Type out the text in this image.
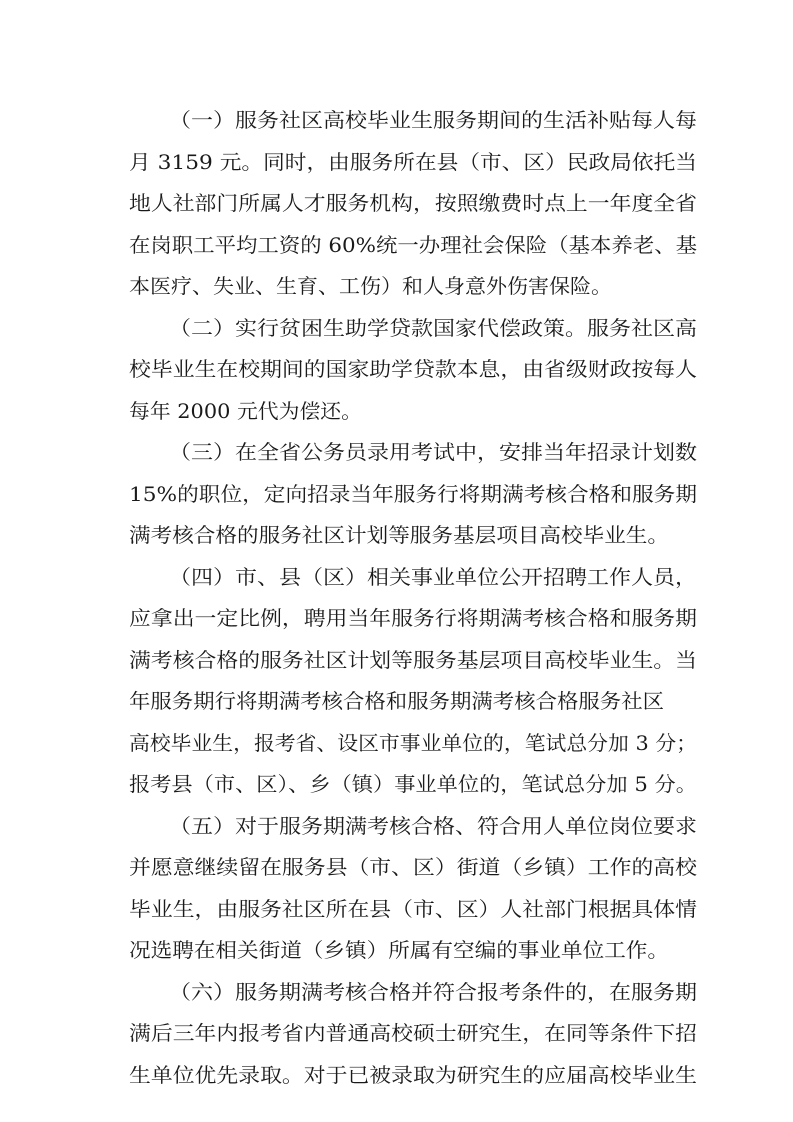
（一）服务社区高校毕业生服务期间的生活补贴每人每
月 3159 元。同时，由服务所在县（市、区）民政局依托当
地人社部门所属人才服务机构，按照缴费时点上一年度全省
在岗职工平均工资的 60%统一办理社会保险（基本养老、基
本医疗、失业、生育、工伤）和人身意外伤害保险。
（二）实行贫困生助学贷款国家代偿政策。服务社区高
校毕业生在校期间的国家助学贷款本息，由省级财政按每人
每年 2000 元代为偿还。
（三）在全省公务员录用考试中，安排当年招录计划数
15%的职位，定向招录当年服务行将期满考核合格和服务期
满考核合格的服务社区计划等服务基层项目高校毕业生。
（四）市、县（区）相关事业单位公开招聘工作人员，
应拿出一定比例，聘用当年服务行将期满考核合格和服务期
满考核合格的服务社区计划等服务基层项目高校毕业生。当
年服务期行将期满考核合格和服务期满考核合格服务社区
高校毕业生，报考省、设区市事业单位的，笔试总分加 3 分；
报考县（市、区）、乡（镇）事业单位的，笔试总分加 5 分。
（五）对于服务期满考核合格、符合用人单位岗位要求
并愿意继续留在服务县（市、区）街道（乡镇）工作的高校
毕业生，由服务社区所在县（市、区）人社部门根据具体情
况选聘在相关街道（乡镇）所属有空编的事业单位工作。
（六）服务期满考核合格并符合报考条件的，在服务期
满后三年内报考省内普通高校硕士研究生，在同等条件下招
生单位优先录取。对于已被录取为研究生的应届高校毕业生
